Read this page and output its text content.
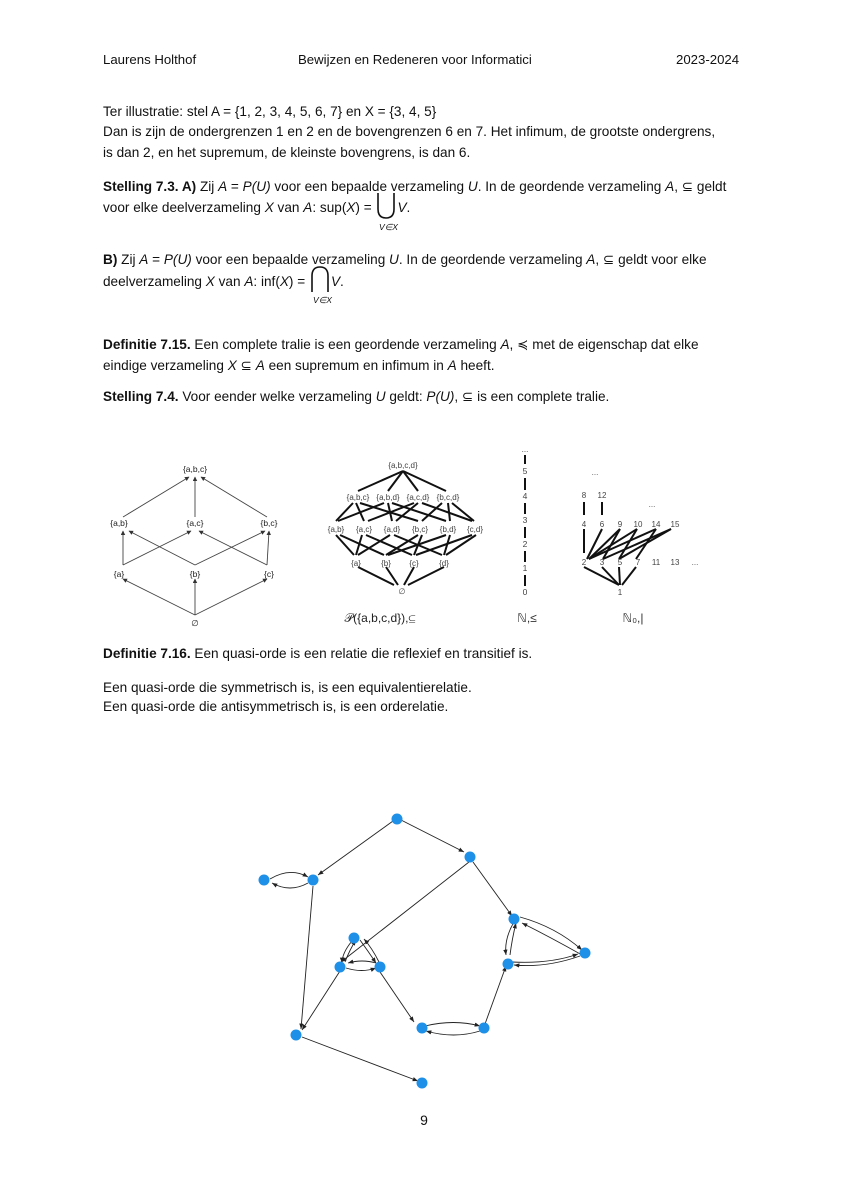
Laurens Holthof	Bewijzen en Redeneren voor Informatici	2023-2024
Ter illustratie: stel A = {1, 2, 3, 4, 5, 6, 7} en X = {3, 4, 5}
Dan is zijn de ondergrenzen 1 en 2 en de bovengrenzen 6 en 7. Het infimum, de grootste ondergrens,
is dan 2, en het supremum, de kleinste bovengrens, is dan 6.
Stelling 7.3. A) Zij A = P(U) voor een bepaalde verzameling U. In de geordende verzameling A, ⊆ geldt
voor elke deelverzameling X van A: sup(X) =
V.
V∈X
B) Zij A = P(U) voor een bepaalde verzameling U. In de geordende verzameling A, ⊆ geldt voor elke
deelverzameling X van A: inf(X) =
V.
V∈X
Definitie 7.15. Een complete tralie is een geordende verzameling A, ≼ met de eigenschap dat elke
eindige verzameling X ⊆ A een supremum en infimum in A heeft.
Stelling 7.4. Voor eender welke verzameling U geldt: P(U), ⊆ is een complete tralie.
{a,b,c}
{a,b}	{a,c}	{b,c}
{a}	{b}	{c}
∅
{a,b,c,d}
{a,b,c} {a,b,d} {a,c,d} {b,c,d}
{a,b} {a,c} {a,d} {b,c} {b,d} {c,d}
{a}	{b} {c}	{d}
∅
𝒫({a,b,c,d}),⊆
...
5
4
3
2
1
0
ℕ,≤
...
...
...
8 12
4 6 9 10 14 15
2 3 5 7 11 13
1
ℕ₀,|
Definitie 7.16. Een quasi-orde is een relatie die reflexief en transitief is.
Een quasi-orde die symmetrisch is, is een equivalentierelatie.
Een quasi-orde die antisymmetrisch is, is een orderelatie.
9
